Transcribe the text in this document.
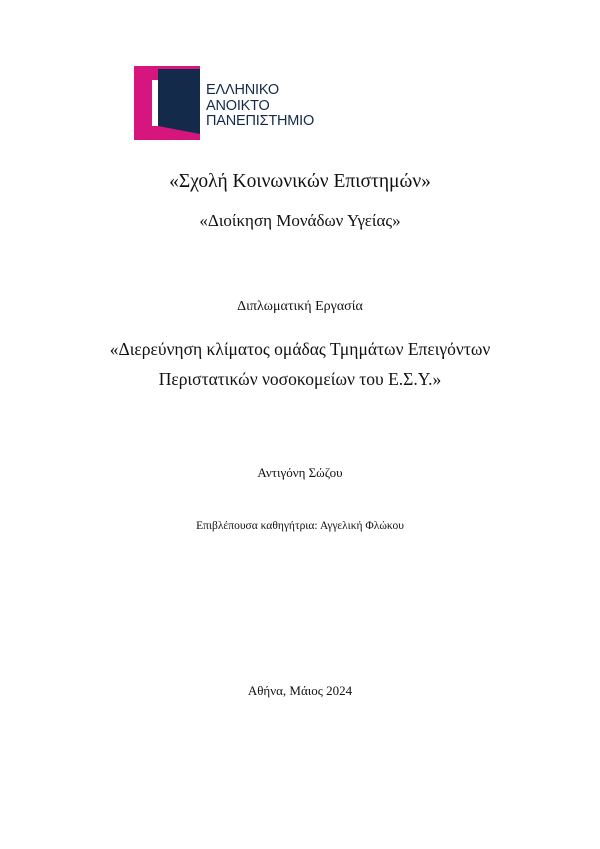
ΕΛΛΗΝΙΚΟ
ΑΝΟΙΚΤΟ
ΠΑΝΕΠΙΣΤΗΜΙΟ
«Σχολή Κοινωνικών Επιστημών»
«Διοίκηση Μονάδων Υγείας»
Διπλωματική Εργασία
«Διερεύνηση κλίματος ομάδας Τμημάτων Επειγόντων
Περιστατικών νοσοκομείων του Ε.Σ.Υ.»
Αντιγόνη Σώζου
Επιβλέπουσα καθηγήτρια: Αγγελική Φλώκου
Αθήνα, Μάιος 2024
